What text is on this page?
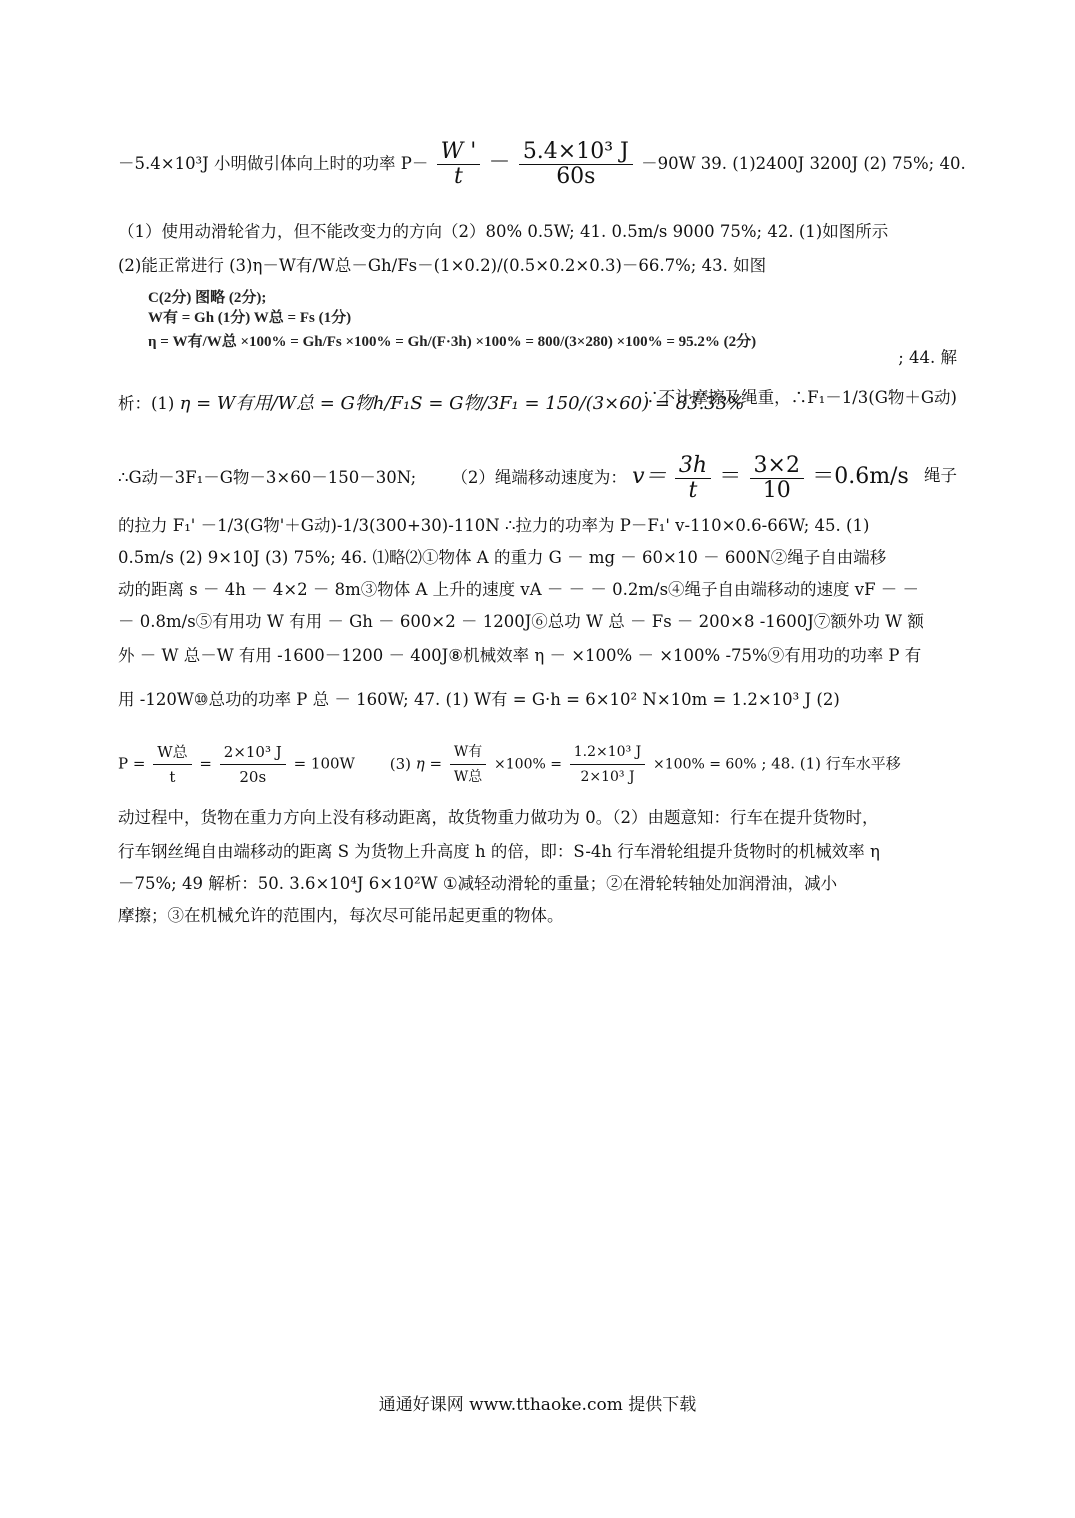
－5.4×10³J 小明做引体向上时的功率 $P- \frac{W '}{t} - \frac{\text{5.4×10³ J}}{60s} -90W$ 39. (1)2400J 3200J (2) 75%; 40.
（1）使用动滑轮省力，但不能改变力的方向（2）80% 0.5W; 41. 0.5m/s 9000 75%; 42. (1)如图所示
(2)能正常进行 (3)η－W有/W总－Gh/Fs－(1×0.2)/(0.5×0.2×0.3)－66.7%; 43. 如图
C(2分) 图略 (2分);
W有 = Gh (1分) W总 = Fs (1分)
η = W有/W总 ×100% = Gh/Fs ×100% = Gh/(F·3h) ×100% = 800/(3×280) ×100% = 95.2% (2分)
; 44. 解
析：(1) η = W有用/W总 = G物h/F₁S = G物/3F₁ = 150/(3×60) = 83.33%
∵不计摩擦及绳重，∴F₁－1/3(G物＋G动)
∴G动－3F₁－G物－3×60－150－30N; （2）绳端移动速度为： $v= \frac{3h}{t} = \frac{3\times 2}{10} =0.6m/s$ 绳子
的拉力 F₁' －1/3(G物'＋G动)-1/3(300+30)-110N ∴拉力的功率为 P－F₁' v-110×0.6-66W; 45. (1)
0.5m/s (2) 9×10J (3) 75%; 46. ⑴略⑵①物体 A 的重力 G － mg － 60×10 － 600N②绳子自由端移
动的距离 s － 4h － 4×2 － 8m③物体 A 上升的速度 vA － － － 0.2m/s④绳子自由端移动的速度 vF － －
－ 0.8m/s⑤有用功 W 有用 － Gh － 600×2 － 1200J⑥总功 W 总 － Fs － 200×8 -1600J⑦额外功 W 额
外 － W 总－W 有用 -1600－1200 － 400J⑧机械效率 η － ×100% － ×100% -75%⑨有用功的功率 P 有
用 -120W⑩总功的功率 P 总 － 160W; 47. (1) W有 = G·h = 6×10² N×10m = 1.2×10³ J (2)
$P = \frac{\text{W总}}{t} = \frac{\text{2×10³ J}}{20s} = 100W$ (3) $\eta = \frac{\text{W有}}{\text{W总}} \times 100\% = \frac{\text{1.2×10³ J}}{\text{2×10³ J}} \times 100\% = 60\%$ ; 48. (1) 行车水平移
动过程中，货物在重力方向上没有移动距离，故货物重力做功为 0。（2）由题意知：行车在提升货物时，
行车钢丝绳自由端移动的距离 S 为货物上升高度 h 的倍，即：S-4h 行车滑轮组提升货物时的机械效率 η
－75%; 49 解析：50. 3.6×10⁴J 6×10²W ①减轻动滑轮的重量；②在滑轮转轴处加润滑油，减小
摩擦；③在机械允许的范围内，每次尽可能吊起更重的物体。
通通好课网 www.tthaoke.com 提供下载
